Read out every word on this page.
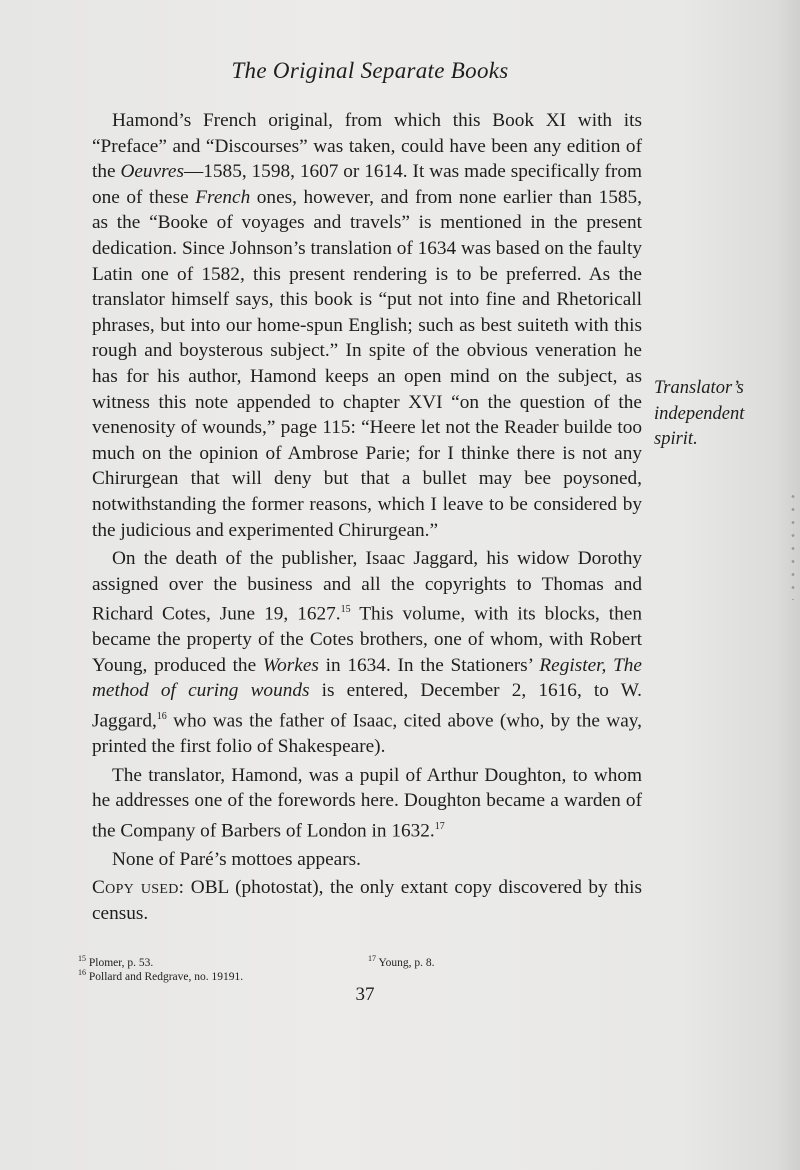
The Original Separate Books

Hamond’s French original, from which this Book XI with its “Preface” and “Discourses” was taken, could have been any edition of the Oeuvres—1585, 1598, 1607 or 1614. It was made specifically from one of these French ones, however, and from none earlier than 1585, as the “Booke of voyages and travels” is mentioned in the present dedication. Since Johnson’s translation of 1634 was based on the faulty Latin one of 1582, this present rendering is to be preferred. As the translator himself says, this book is “put not into fine and Rhetoricall phrases, but into our home-spun English; such as best suiteth with this rough and boysterous subject.” In spite of the obvious veneration he has for his author, Hamond keeps an open mind on the subject, as witness this note appended to chapter XVI “on the question of the venenosity of wounds,” page 115: “Heere let not the Reader builde too much on the opinion of Ambrose Parie; for I thinke there is not any Chirurgean that will deny but that a bullet may bee poysoned, notwithstanding the former reasons, which I leave to be considered by the judicious and experimented Chirurgean.”

On the death of the publisher, Isaac Jaggard, his widow Dorothy assigned over the business and all the copyrights to Thomas and Richard Cotes, June 19, 1627.15 This volume, with its blocks, then became the property of the Cotes brothers, one of whom, with Robert Young, produced the Workes in 1634. In the Stationers’ Register, The method of curing wounds is entered, December 2, 1616, to W. Jaggard,$^{16}$ who was the father of Isaac, cited above (who, by the way, printed the first folio of Shakespeare).

The translator, Hamond, was a pupil of Arthur Doughton, to whom he addresses one of the forewords here. Doughton became a warden of the Company of Barbers of London in 1632.17

None of Paré’s mottoes appears.

Copy used: OBL (photostat), the only extant copy discovered by this census.

Translator’s
independent
spirit.
$^{15}$ Plomer, p. 53.	$^{17}$ Young, p. 8.
$^{16}$ Pollard and Redgrave, no. 19191.
37
